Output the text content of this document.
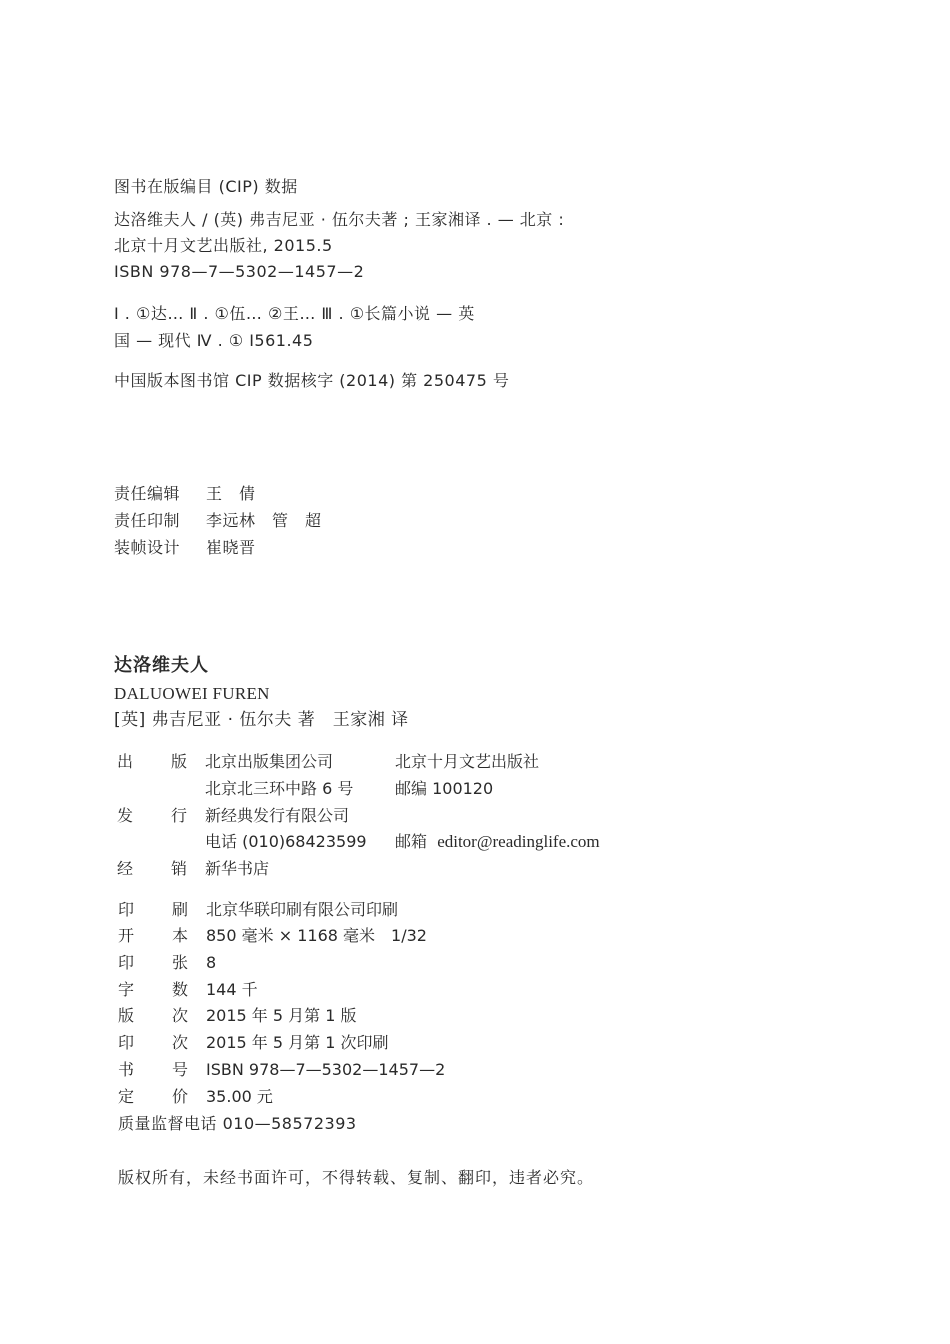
图书在版编目 (CIP) 数据
达洛维夫人 / (英) 弗吉尼亚 · 伍尔夫著 ; 王家湘译 . — 北京 :
北京十月文艺出版社, 2015.5
ISBN 978—7—5302—1457—2
Ⅰ . ①达… Ⅱ . ①伍… ②王… Ⅲ . ①长篇小说 — 英
国 — 现代 Ⅳ . ① I561.45
中国版本图书馆 CIP 数据核字 (2014) 第 250475 号
责任编辑 王　倩
责任印制 李远林　管　超
装帧设计 崔晓晋
达洛维夫人
DALUOWEI FUREN
[英] 弗吉尼亚 · 伍尔夫 著　王家湘 译
出 版 北京出版集团公司	北京十月文艺出版社
北京北三环中路 6 号	邮编 100120
发 行 新经典发行有限公司
电话 (010)68423599 邮箱 editor@readinglife.com
经 销 新华书店
印 刷 北京华联印刷有限公司印刷
开 本 850 毫米 × 1168 毫米　1/32
印 张 8
字 数 144 千
版 次 2015 年 5 月第 1 版
印 次 2015 年 5 月第 1 次印刷
书 号 ISBN 978—7—5302—1457—2
定 价 35.00 元
质量监督电话 010—58572393
版权所有，未经书面许可，不得转载、复制、翻印，违者必究。
